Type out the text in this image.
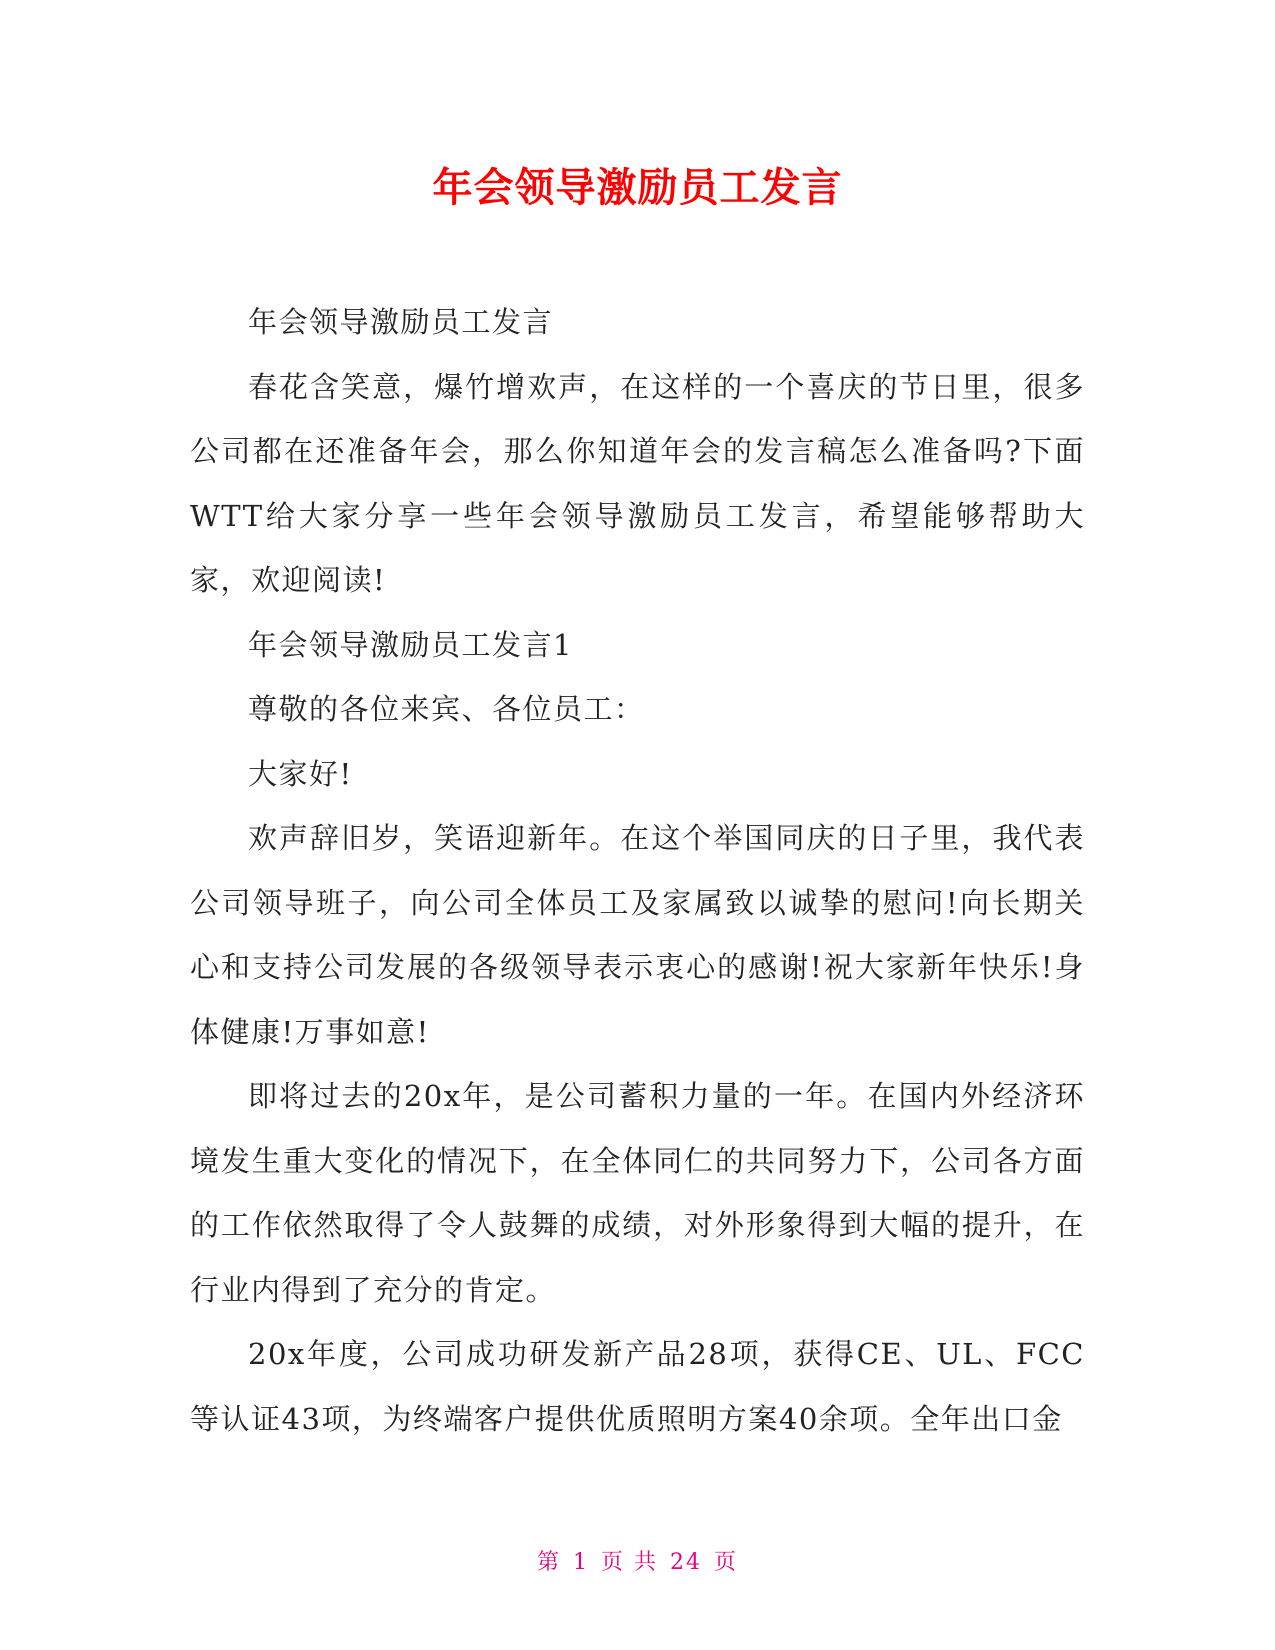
年会领导激励员工发言

年会领导激励员工发言

春花含笑意，爆竹增欢声，在这样的一个喜庆的节日里，很多公司都在还准备年会，那么你知道年会的发言稿怎么准备吗?下面WTT给大家分享一些年会领导激励员工发言，希望能够帮助大家，欢迎阅读!

年会领导激励员工发言1

尊敬的各位来宾、各位员工：

大家好!

欢声辞旧岁，笑语迎新年。在这个举国同庆的日子里，我代表公司领导班子，向公司全体员工及家属致以诚挚的慰问!向长期关心和支持公司发展的各级领导表示衷心的感谢!祝大家新年快乐!身体健康!万事如意!

即将过去的20x年，是公司蓄积力量的一年。在国内外经济环境发生重大变化的情况下，在全体同仁的共同努力下，公司各方面的工作依然取得了令人鼓舞的成绩，对外形象得到大幅的提升，在行业内得到了充分的肯定。

20x年度，公司成功研发新产品28项，获得CE、UL、FCC等认证43项，为终端客户提供优质照明方案40余项。全年出口金

第 1 页 共 24 页
